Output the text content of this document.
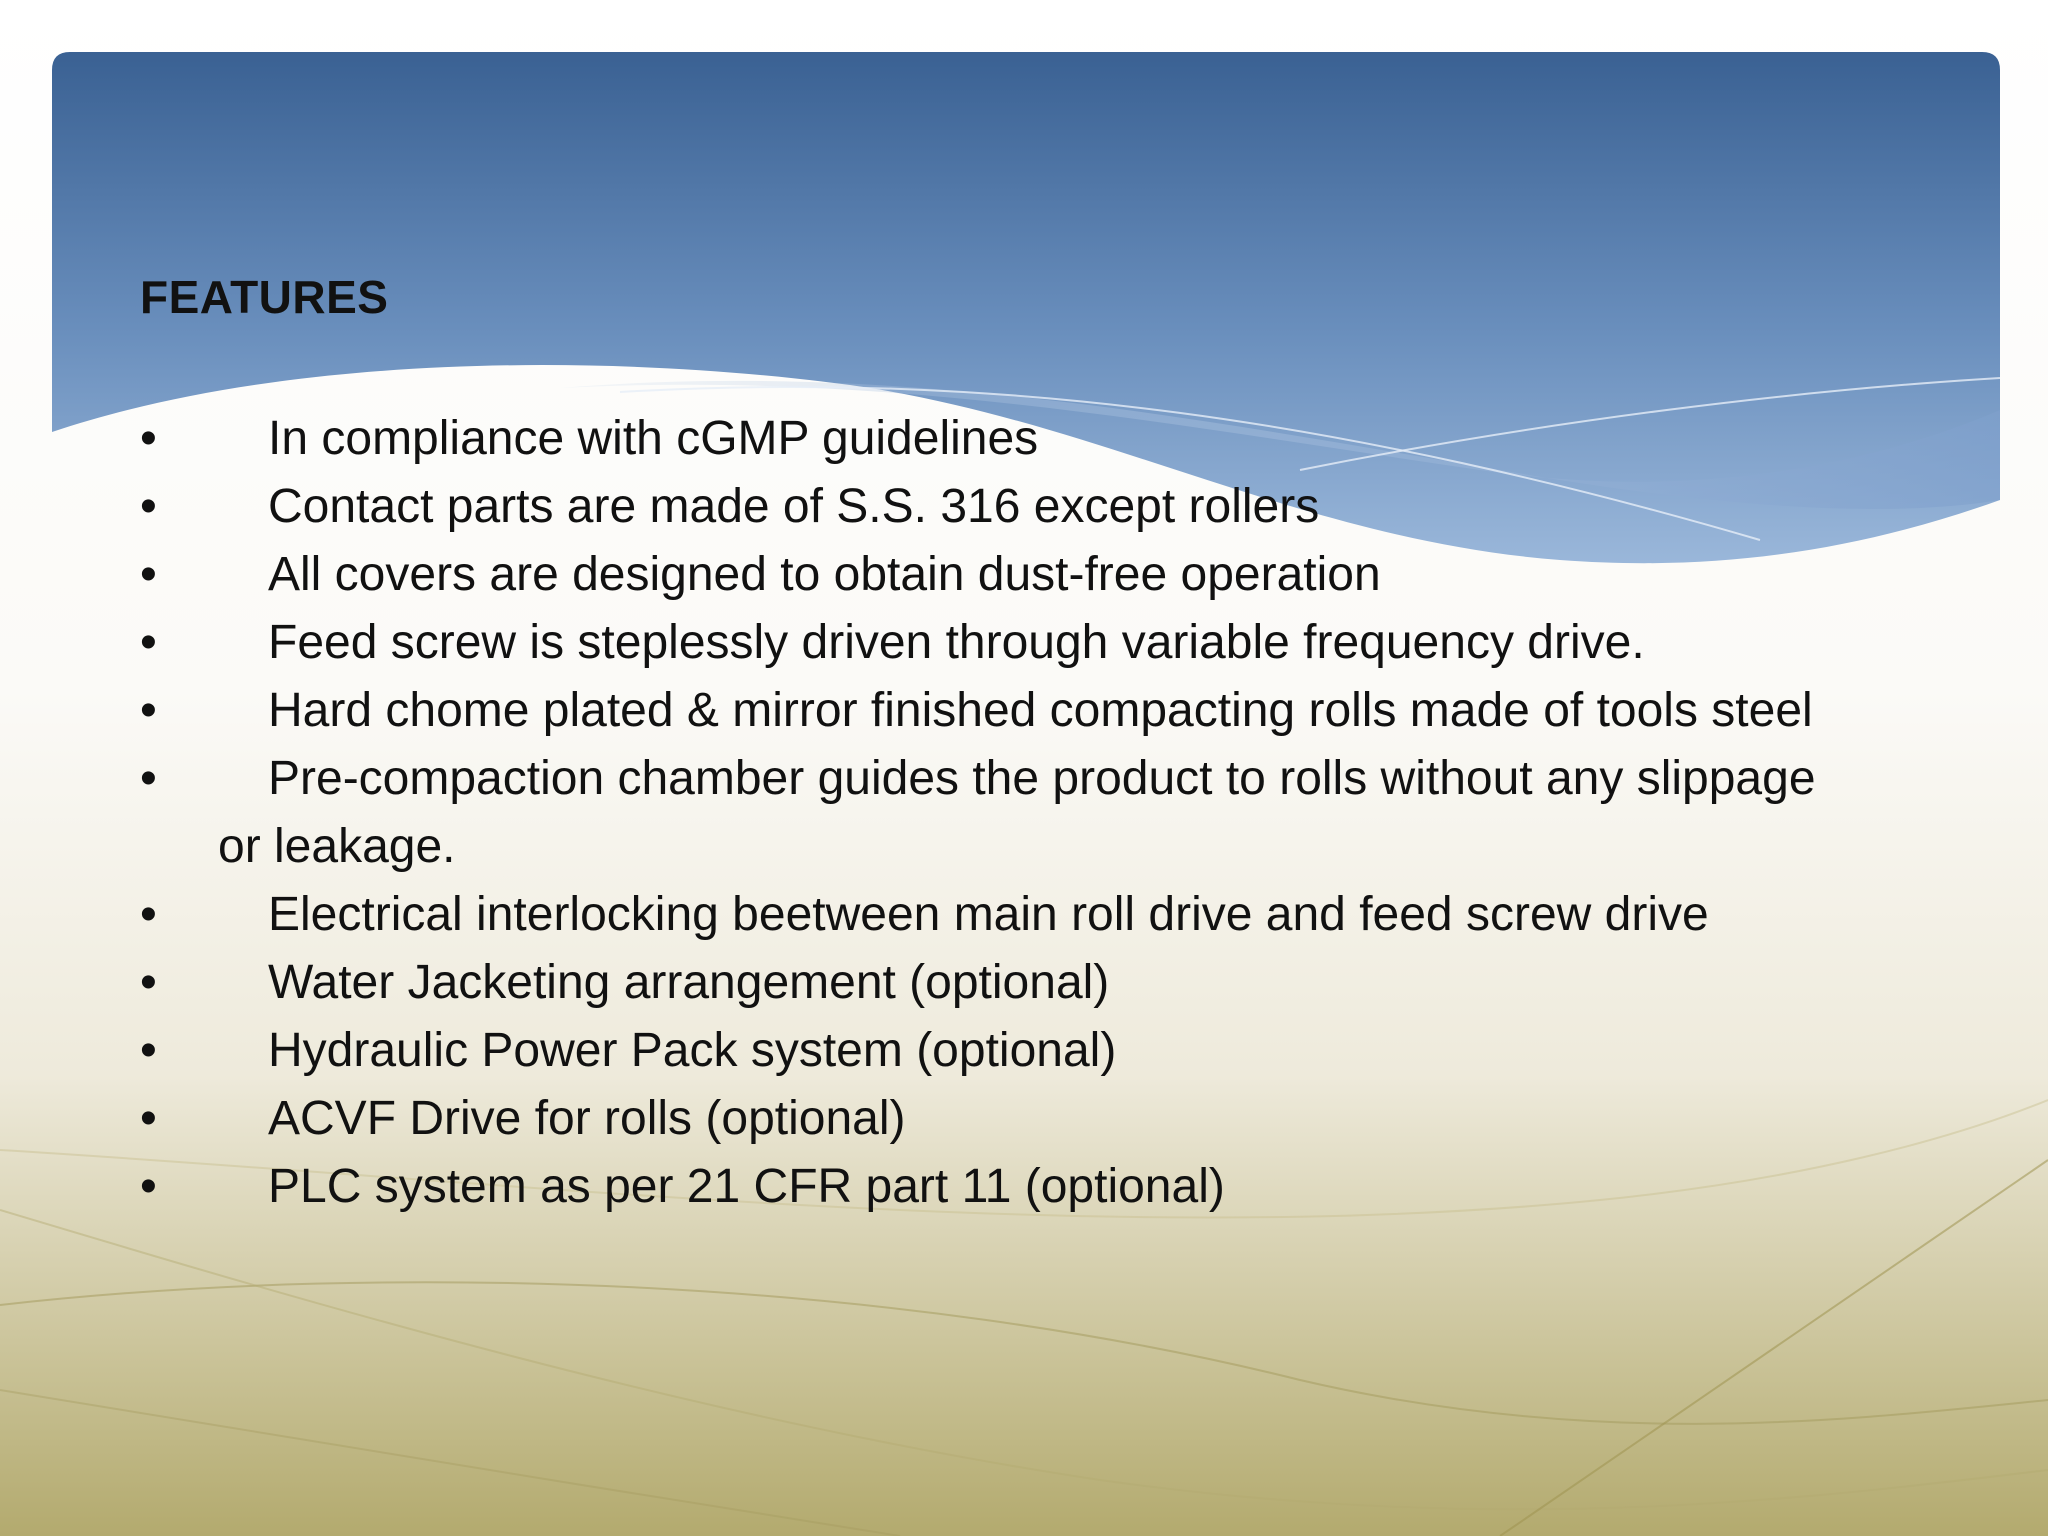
FEATURES
•	In compliance with cGMP guidelines
•	Contact parts are made of S.S. 316 except rollers
•	All covers are designed to obtain dust-free operation
•	Feed screw is steplessly driven through variable frequency drive.
•	Hard chome plated & mirror finished compacting rolls made of tools steel
•	Pre-compaction chamber guides the product to rolls without any slippage
or leakage.
•	Electrical interlocking beetween main roll drive and feed screw drive
•	Water Jacketing arrangement (optional)
•	Hydraulic Power Pack system (optional)
•	ACVF Drive for rolls (optional)
•	PLC system as per 21 CFR part 11 (optional)
